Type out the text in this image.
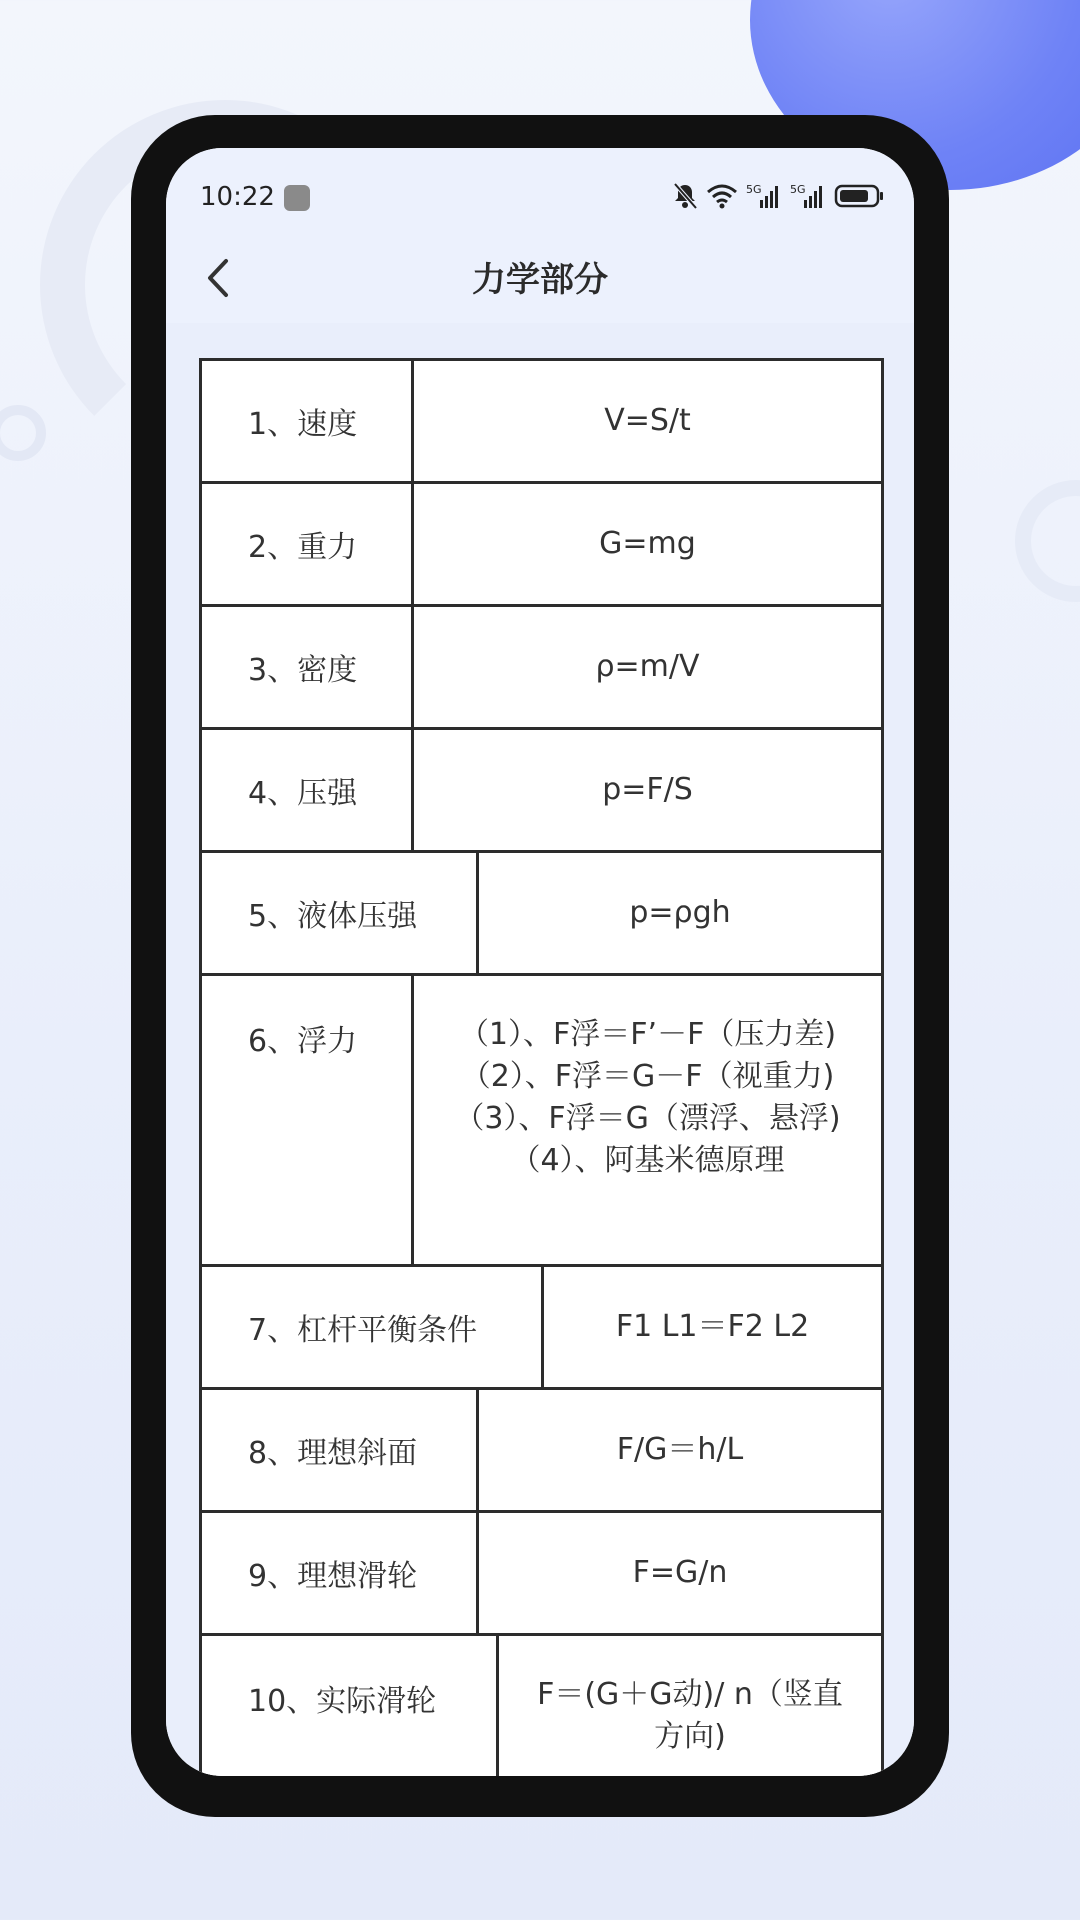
10:22	5G	5G
力学部分
1、速度	V=S/t
2、重力	G=mg
3、密度	ρ=m/V
4、压强	p=F/S
5、液体压强	p=ρgh
6、浮力	（1）、F浮＝F’－F（压力差)（2）、F浮＝G－F（视重力)（3）、F浮＝G（漂浮、悬浮)（4）、阿基米德原理
7、杠杆平衡条件	F1 L1＝F2 L2
8、理想斜面	F/G＝h/L
9、理想滑轮	F=G/n
10、实际滑轮	F＝(G＋G动)/ n（竖直方向)
